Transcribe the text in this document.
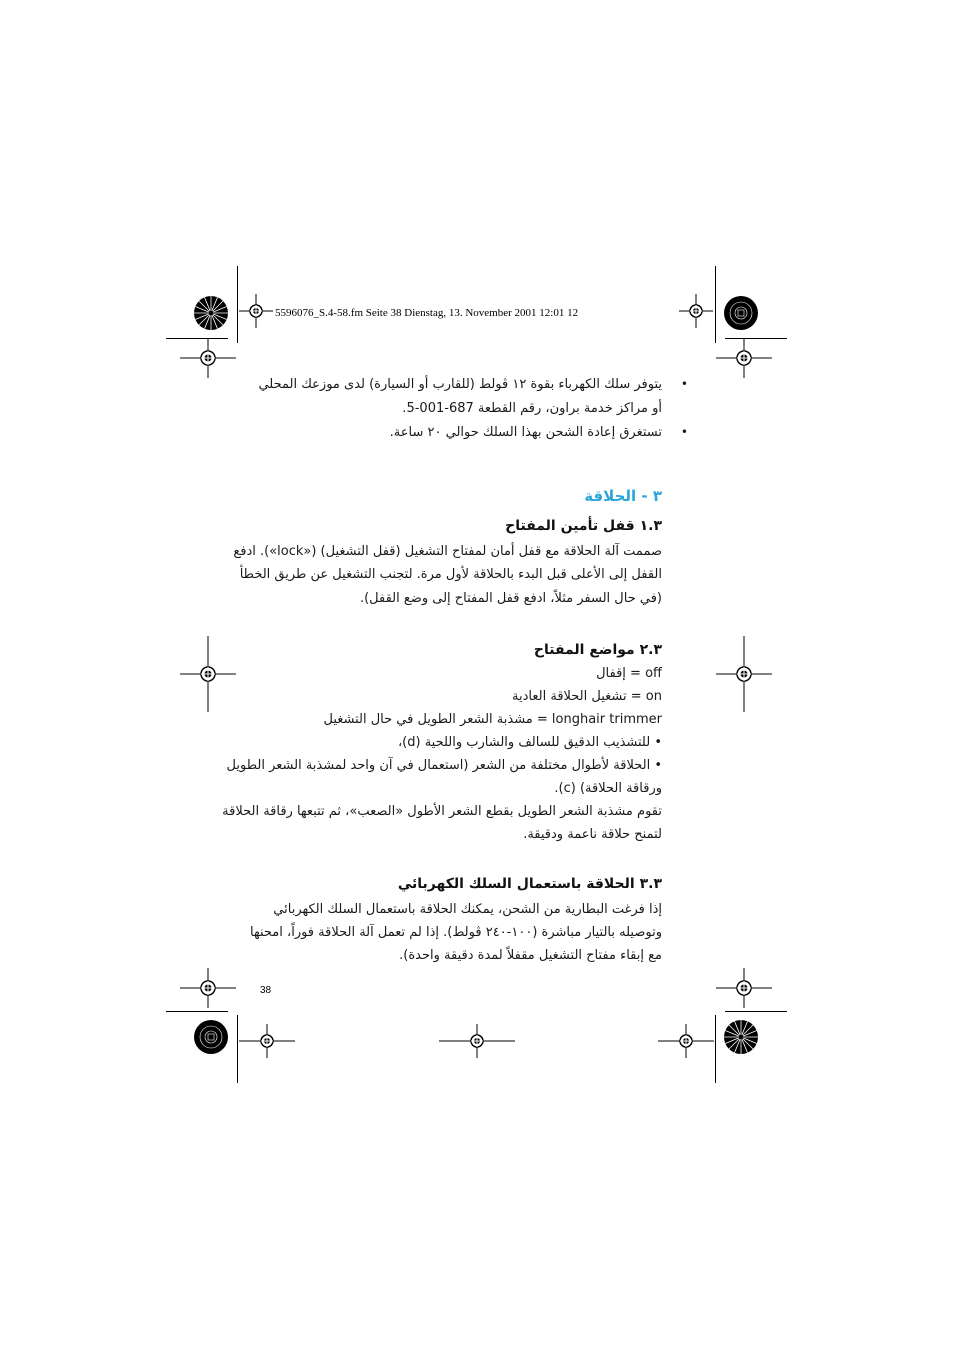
5596076_S.4-58.fm Seite 38 Dienstag, 13. November 2001 12:01 12
يتوفر سلك الكهرباء بقوة ١٢ ڤولط (للقارب أو السيارة) لدى موزعك المحلي •
أو مراكز خدمة براون، رقم القطعة 687-001-5.
تستغرق إعادة الشحن بهذا السلك حوالي ٢٠ ساعة. •
٣ - الحلاقة
١.٣ قفل تأمين المفتاح
صممت آلة الحلاقة مع قفل أمان لمفتاح التشغيل (قفل التشغيل) («lock»). ادفع
القفل إلى الأعلى قبل البدء بالحلاقة لأول مرة. لتجنب التشغيل عن طريق الخطأ
(في حال السفر مثلاً، ادفع قفل المفتاح إلى وضع القفل).
٢.٣ مواضع المفتاح
off = إقفال
on = تشغيل الحلاقة العادية
longhair trimmer = مشذبة الشعر الطويل في حال التشغيل
• للتشذيب الدقيق للسالف والشارب واللحية (d)،
• الحلاقة لأطوال مختلفة من الشعر (استعمال في آن واحد لمشذبة الشعر الطويل
ورقاقة الحلاقة) (c).
تقوم مشذبة الشعر الطويل بقطع الشعر الأطول «الصعب»، ثم تتبعها رقاقة الحلاقة
لتمنح حلاقة ناعمة ودقيقة.
٣.٣ الحلاقة باستعمال السلك الكهربائي
إذا فرغت البطارية من الشحن، يمكنك الحلاقة باستعمال السلك الكهربائي
وتوصيله بالتيار مباشرة (١٠٠-٢٤٠ ڤولط). إذا لم تعمل آلة الحلاقة فوراً، امحنها
مع إبقاء مفتاح التشغيل مقفلاً لمدة دقيقة واحدة).
38
